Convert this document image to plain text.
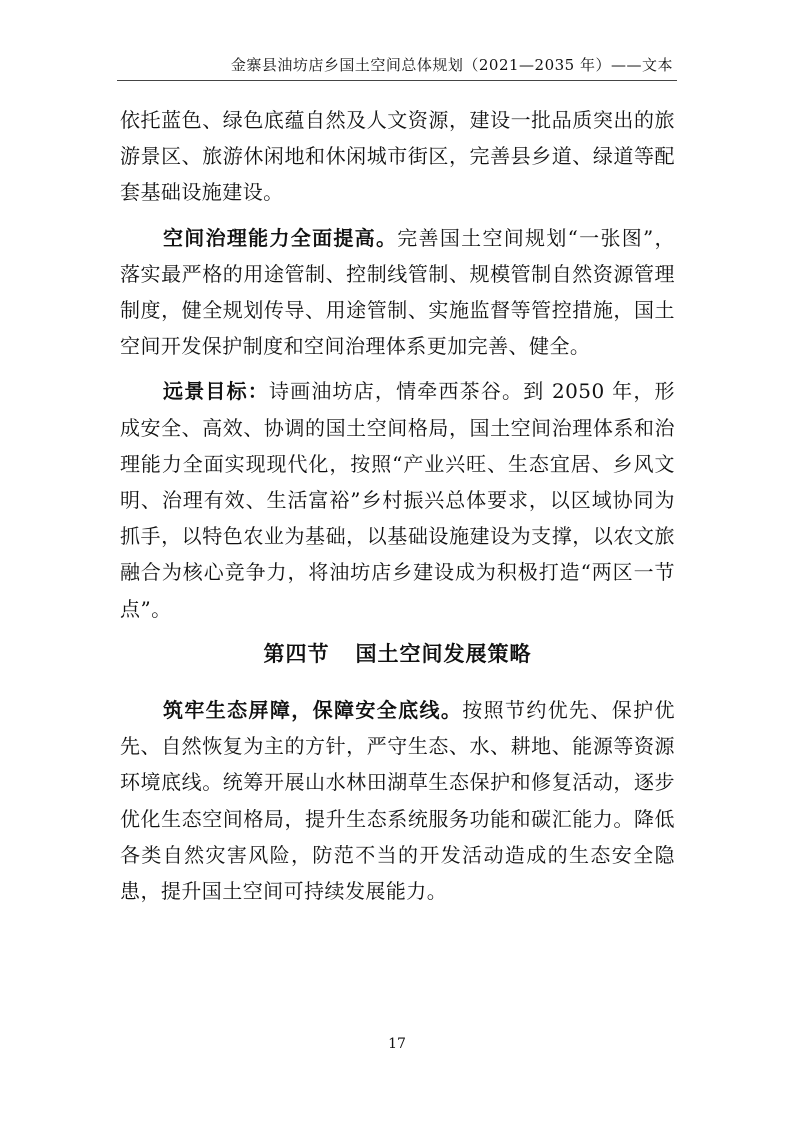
金寨县油坊店乡国土空间总体规划（2021—2035 年）——文本

依托蓝色、绿色底蕴自然及人文资源，建设一批品质突出的旅游景区、旅游休闲地和休闲城市街区，完善县乡道、绿道等配套基础设施建设。

空间治理能力全面提高。完善国土空间规划“一张图”，落实最严格的用途管制、控制线管制、规模管制自然资源管理制度，健全规划传导、用途管制、实施监督等管控措施，国土空间开发保护制度和空间治理体系更加完善、健全。

远景目标：诗画油坊店，情牵西茶谷。到 2050 年，形成安全、高效、协调的国土空间格局，国土空间治理体系和治理能力全面实现现代化，按照“产业兴旺、生态宜居、乡风文明、治理有效、生活富裕”乡村振兴总体要求，以区域协同为抓手，以特色农业为基础，以基础设施建设为支撑，以农文旅融合为核心竞争力，将油坊店乡建设成为积极打造“两区一节点”。

第四节 国土空间发展策略

筑牢生态屏障，保障安全底线。按照节约优先、保护优先、自然恢复为主的方针，严守生态、水、耕地、能源等资源环境底线。统筹开展山水林田湖草生态保护和修复活动，逐步优化生态空间格局，提升生态系统服务功能和碳汇能力。降低各类自然灾害风险，防范不当的开发活动造成的生态安全隐患，提升国土空间可持续发展能力。

17
